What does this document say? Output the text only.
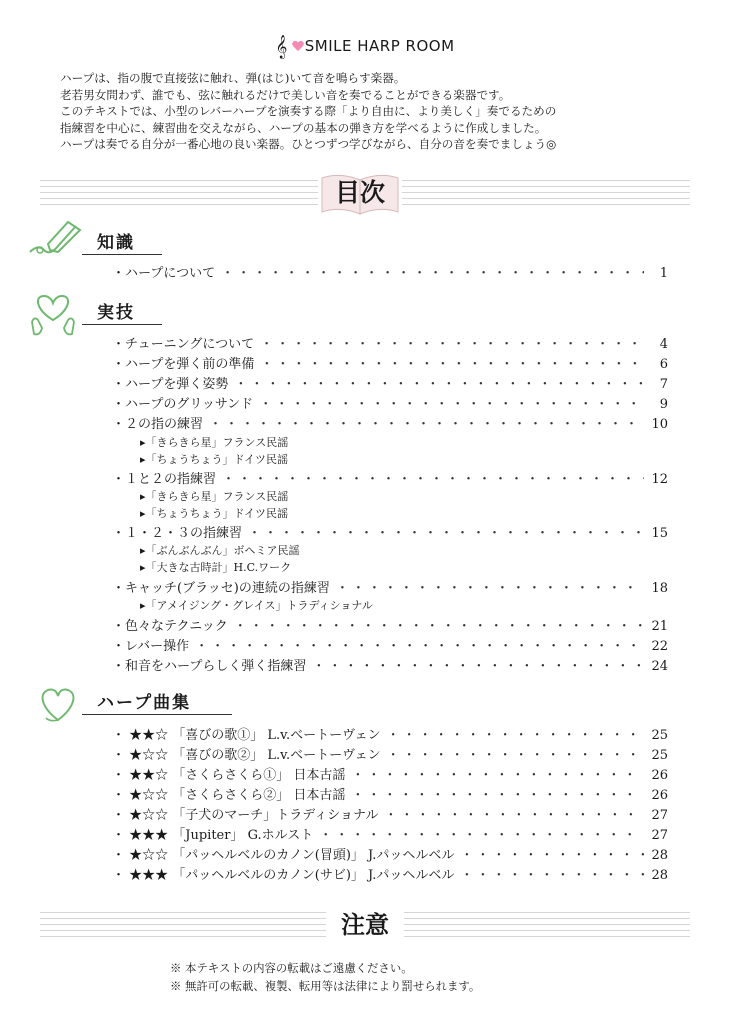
𝄞 SMILE HARP ROOM
ハープは、指の腹で直接弦に触れ、弾(はじ)いて音を鳴らす楽器。
老若男女問わず、誰でも、弦に触れるだけで美しい音を奏でることができる楽器です。
このテキストでは、小型のレバーハープを演奏する際「より自由に、より美しく」奏でるための
指練習を中心に、練習曲を交えながら、ハープの基本の弾き方を学べるように作成しました。
ハープは奏でる自分が一番心地の良い楽器。ひとつずつ学びながら、自分の音を奏でましょう◎
目次
知識
・ハープについて ・・・・・・・・・・・・・・・・・・・・・・・・・・・・・・・・・・・・・・・・・・・・・・・・・・・・・・・・	1
実技
・チューニングについて ・・・・・・・・・・・・・・・・・・・・・・・・・・・・・・・・・・・・・・・・・・・・・・・・・・・・・・・・	4
・ハープを弾く前の準備 ・・・・・・・・・・・・・・・・・・・・・・・・・・・・・・・・・・・・・・・・・・・・・・・・・・・・・・・・	6
・ハープを弾く姿勢 ・・・・・・・・・・・・・・・・・・・・・・・・・・・・・・・・・・・・・・・・・・・・・・・・・・・・・・・・	7
・ハープのグリッサンド ・・・・・・・・・・・・・・・・・・・・・・・・・・・・・・・・・・・・・・・・・・・・・・・・・・・・・・・・	9
・２の指の練習 ・・・・・・・・・・・・・・・・・・・・・・・・・・・・・・・・・・・・・・・・・・・・・・・・・・・・・・・・	10
▸「きらきら星」フランス民謡
▸「ちょうちょう」ドイツ民謡
・１と２の指練習 ・・・・・・・・・・・・・・・・・・・・・・・・・・・・・・・・・・・・・・・・・・・・・・・・・・・・・・・・	12
▸「きらきら星」フランス民謡
▸「ちょうちょう」ドイツ民謡
・１・２・３の指練習 ・・・・・・・・・・・・・・・・・・・・・・・・・・・・・・・・・・・・・・・・・・・・・・・・・・・・・・・・	15
▸「ぶんぶんぶん」ボヘミア民謡
▸「大きな古時計」H.C.ワーク
・キャッチ(ブラッセ)の連続の指練習 ・・・・・・・・・・・・・・・・・・・・・・・・・・・・・・・・・・・・・・・・・・・・・・・・・・・・・・・・	18
▸「アメイジング・グレイス」トラディショナル
・色々なテクニック ・・・・・・・・・・・・・・・・・・・・・・・・・・・・・・・・・・・・・・・・・・・・・・・・・・・・・・・・	21
・レバー操作 ・・・・・・・・・・・・・・・・・・・・・・・・・・・・・・・・・・・・・・・・・・・・・・・・・・・・・・・・	22
・和音をハープらしく弾く指練習 ・・・・・・・・・・・・・・・・・・・・・・・・・・・・・・・・・・・・・・・・・・・・・・・・・・・・・・・・	24
ハープ曲集
・ ★★☆ 「喜びの歌①」 L.v.ベートーヴェン ・・・・・・・・・・・・・・・・・・・・・・・・・・・・・・・・・・・・・・・・・・・・・・・・・・・・・・・・	25
・ ★☆☆ 「喜びの歌②」 L.v.ベートーヴェン ・・・・・・・・・・・・・・・・・・・・・・・・・・・・・・・・・・・・・・・・・・・・・・・・・・・・・・・・	25
・ ★★☆ 「さくらさくら①」 日本古謡 ・・・・・・・・・・・・・・・・・・・・・・・・・・・・・・・・・・・・・・・・・・・・・・・・・・・・・・・・	26
・ ★☆☆ 「さくらさくら②」 日本古謡 ・・・・・・・・・・・・・・・・・・・・・・・・・・・・・・・・・・・・・・・・・・・・・・・・・・・・・・・・	26
・ ★☆☆ 「子犬のマーチ」トラディショナル ・・・・・・・・・・・・・・・・・・・・・・・・・・・・・・・・・・・・・・・・・・・・・・・・・・・・・・・・	27
・ ★★★ 「Jupiter」 G.ホルスト ・・・・・・・・・・・・・・・・・・・・・・・・・・・・・・・・・・・・・・・・・・・・・・・・・・・・・・・・	27
・ ★☆☆ 「パッヘルベルのカノン(冒頭)」 J.パッヘルベル ・・・・・・・・・・・・・・・・・・・・・・・・・・・・・・・・・・・・・・・・・・・・・・・・・・・・・・・・	28
・ ★★★ 「パッヘルベルのカノン(サビ)」 J.パッヘルベル ・・・・・・・・・・・・・・・・・・・・・・・・・・・・・・・・・・・・・・・・・・・・・・・・・・・・・・・・	28
注意
※ 本テキストの内容の転載はご遠慮ください。
※ 無許可の転載、複製、転用等は法律により罰せられます。
